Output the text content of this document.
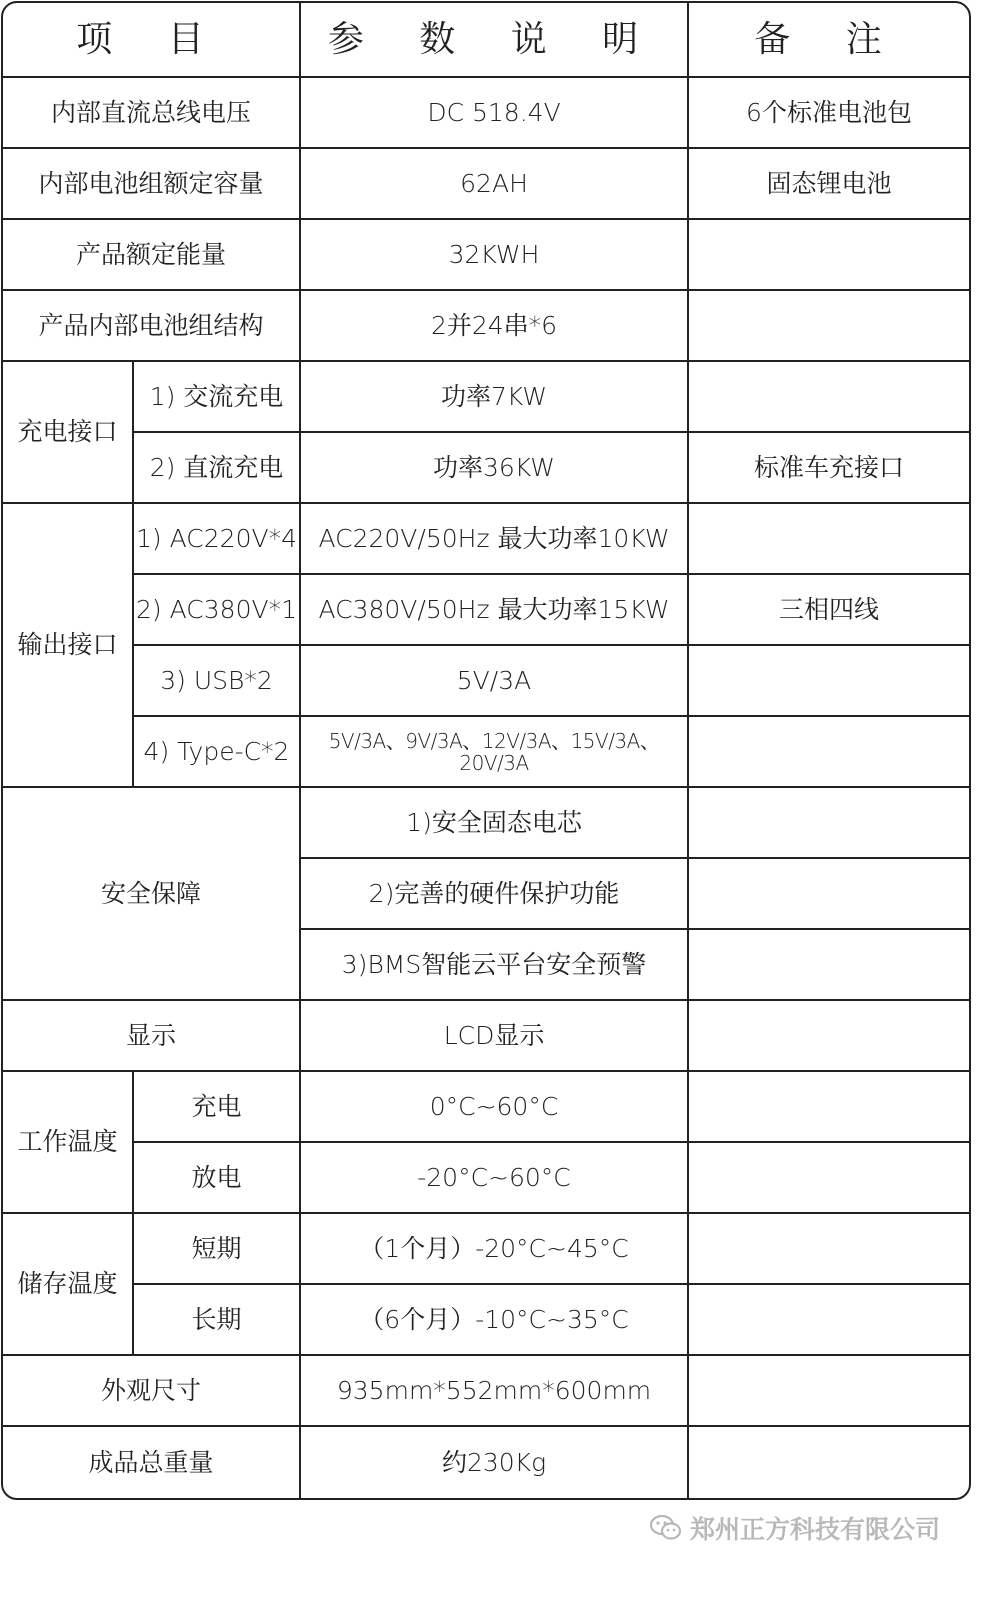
项 目		参 数 说 明	备 注
内部直流总线电压		DC 518.4V	6个标准电池包
内部电池组额定容量		62AH	固态锂电池
产品额定能量		32KWH	
产品内部电池组结构		2并24串*6	
充电接口	1) 交流充电	功率7KW	
	2) 直流充电	功率36KW	标准车充接口
输出接口	1) AC220V*4	AC220V/50Hz 最大功率10KW	
	2) AC380V*1	AC380V/50Hz 最大功率15KW	三相四线
	3) USB*2	5V/3A	
	4) Type-C*2	5V/3A、9V/3A、12V/3A、15V/3A、20V/3A	
安全保障		1)安全固态电芯	
		2)完善的硬件保护功能	
		3)BMS智能云平台安全预警	
显示		LCD显示	
工作温度	充电	0°C~60°C	
	放电	-20°C~60°C	
储存温度	短期	（1个月）-20°C~45°C	
	长期	（6个月）-10°C~35°C	
外观尺寸		935mm*552mm*600mm	
成品总重量		约230Kg	
郑州正方科技有限公司
